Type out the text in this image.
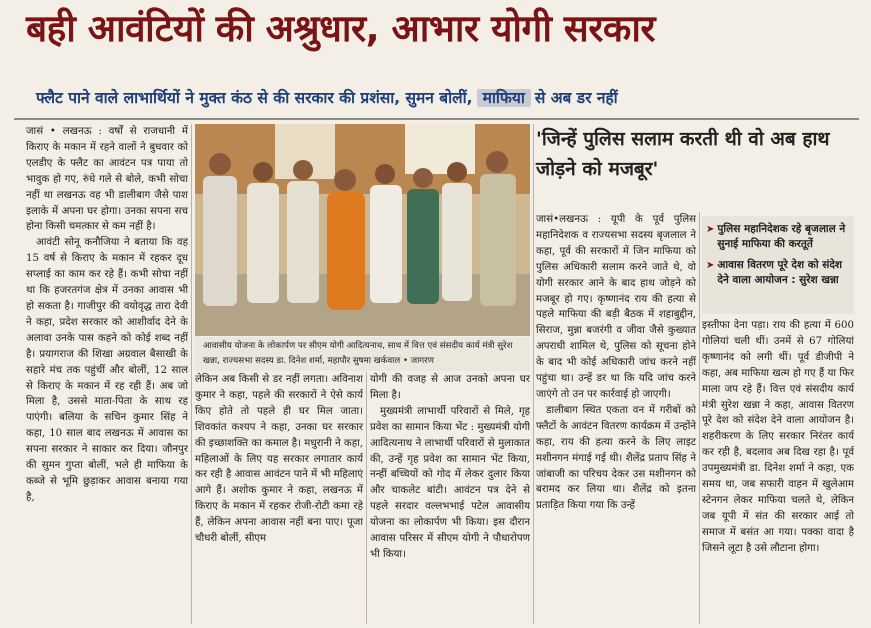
बही आवंटियों की अश्रुधार, आभार योगी सरकार
फ्लैट पाने वाले लाभार्थियों ने मुक्त कंठ से की सरकार की प्रशंसा, सुमन बोलीं, माफिया से अब डर नहीं

जासं • लखनऊ : वर्षों से राजधानी में किराए के मकान में रहने वालों ने बुधवार को एलडीए के फ्लैट का आवंटन पत्र पाया तो भावुक हो गए, रुंधे गले से बोले, कभी सोचा नहीं था लखनऊ वह भी डालीबाग जैसे पाश इलाके में अपना घर होगा। उनका सपना सच होना किसी चमत्कार से कम नहीं है।

आवंटी सोनू कनौजिया ने बताया कि वह 15 वर्ष से किराए के मकान में रहकर दूध सप्लाई का काम कर रहे हैं। कभी सोचा नहीं था कि हजरतगंज क्षेत्र में उनका आवास भी हो सकता है। गाजीपुर की वयोवृद्ध तारा देवी ने कहा, प्रदेश सरकार को आशीर्वाद देने के अलावा उनके पास कहने को कोई शब्द नहीं है। प्रयागराज की शिखा अग्रवाल बैसाखी के सहारे मंच तक पहुंचीं और बोलीं, 12 साल से किराए के मकान में रह रही हैं। अब जो मिला है, उससे माता-पिता के साथ रह पाएंगी। बलिया के सचिन कुमार सिंह ने कहा, 10 साल बाद लखनऊ में आवास का सपना सरकार ने साकार कर दिया। जौनपुर की सुमन गुप्ता बोलीं, भले ही माफिया के कब्जे से भूमि छुड़ाकर आवास बनाया गया है,

आवासीय योजना के लोकार्पण पर सीएम योगी आदित्यनाथ, साथ में वित्त एवं संसदीय कार्य मंत्री सुरेश खन्ना, राज्यसभा सदस्य डा. दिनेश शर्मा, महापौर सुषमा खर्कवाल • जागरण

लेकिन अब किसी से डर नहीं लगता। अविनाश कुमार ने कहा, पहले की सरकारों ने ऐसे कार्य किए होते तो पहले ही घर मिल जाता। शिवकांत कश्यप ने कहा, उनका घर सरकार की इच्छाशक्ति का कमाल है। मधुरानी ने कहा, महिलाओं के लिए यह सरकार लगातार कार्य कर रही है आवास आवंटन पाने में भी महिलाएं आगे हैं। अशोक कुमार ने कहा, लखनऊ में किराए के मकान में रहकर रोजी-रोटी कमा रहे हैं, लेकिन अपना आवास नहीं बना पाए। पूजा चौधरी बोलीं, सीएम

योगी की वजह से आज उनको अपना घर मिला है।

मुख्यमंत्री लाभार्थी परिवारों से मिले, गृह प्रवेश का सामान किया भेंट : मुख्यमंत्री योगी आदित्यनाथ ने लाभार्थी परिवारों से मुलाकात की, उन्हें गृह प्रवेश का सामान भेंट किया, नन्हीं बच्चियों को गोद में लेकर दुलार किया और चाकलेट बांटी। आवंटन पत्र देने से पहले सरदार वल्लभभाई पटेल आवासीय योजना का लोकार्पण भी किया। इस दौरान आवास परिसर में सीएम योगी ने पौधारोपण भी किया।

'जिन्हें पुलिस सलाम करती थी वो अब हाथ जोड़ने को मजबूर'

जासं•लखनऊ : यूपी के पूर्व पुलिस महानिदेशक व राज्यसभा सदस्य बृजलाल ने कहा, पूर्व की सरकारों में जिन माफिया को पुलिस अधिकारी सलाम करने जाते थे, वो योगी सरकार आने के बाद हाथ जोड़ने को मजबूर हो गए। कृष्णानंद राय की हत्या से पहले माफिया की बड़ी बैठक में शहाबुद्दीन, सिराज, मुन्ना बजरंगी व जीवा जैसे कुख्यात अपराधी शामिल थे, पुलिस को सूचना होने के बाद भी कोई अधिकारी जांच करने नहीं पहुंचा था। उन्हें डर था कि यदि जांच करने जाएंगे तो उन पर कार्रवाई हो जाएगी।

डालीबाग स्थित एकता वन में गरीबों को फ्लैटों के आवंटन वितरण कार्यक्रम में उन्होंने कहा, राय की हत्या करने के लिए लाइट मशीनगन मंगाई गई थी। शैलेंद्र प्रताप सिंह ने जांबाजी का परिचय देकर उस मशीनगन को बरामद कर लिया था। शैलेंद्र को इतना प्रताड़ित किया गया कि उन्हें

➤ पुलिस महानिदेशक रहे बृजलाल ने सुनाई माफिया की करतूतें
➤ आवास वितरण पूरे देश को संदेश देने वाला आयोजन : सुरेश खन्ना

इस्तीफा देना पड़ा। राय की हत्या में 600 गोलियां चली थीं। उनमें से 67 गोलियां कृष्णानंद को लगी थीं। पूर्व डीजीपी ने कहा, अब माफिया खत्म हो गए हैं या फिर माला जप रहे हैं। वित्त एवं संसदीय कार्य मंत्री सुरेश खन्ना ने कहा, आवास वितरण पूरे देश को संदेश देने वाला आयोजन है। शहरीकरण के लिए सरकार निरंतर कार्य कर रही है, बदलाव अब दिख रहा है। पूर्व उपमुख्यमंत्री डा. दिनेश शर्मा ने कहा, एक समय था, जब सफारी वाहन में खुलेआम स्टेनगन लेकर माफिया चलते थे, लेकिन जब यूपी में संत की सरकार आई तो समाज में बसंत आ गया। पक्का वादा है जिसने लूटा है उसे लौटाना होगा।
